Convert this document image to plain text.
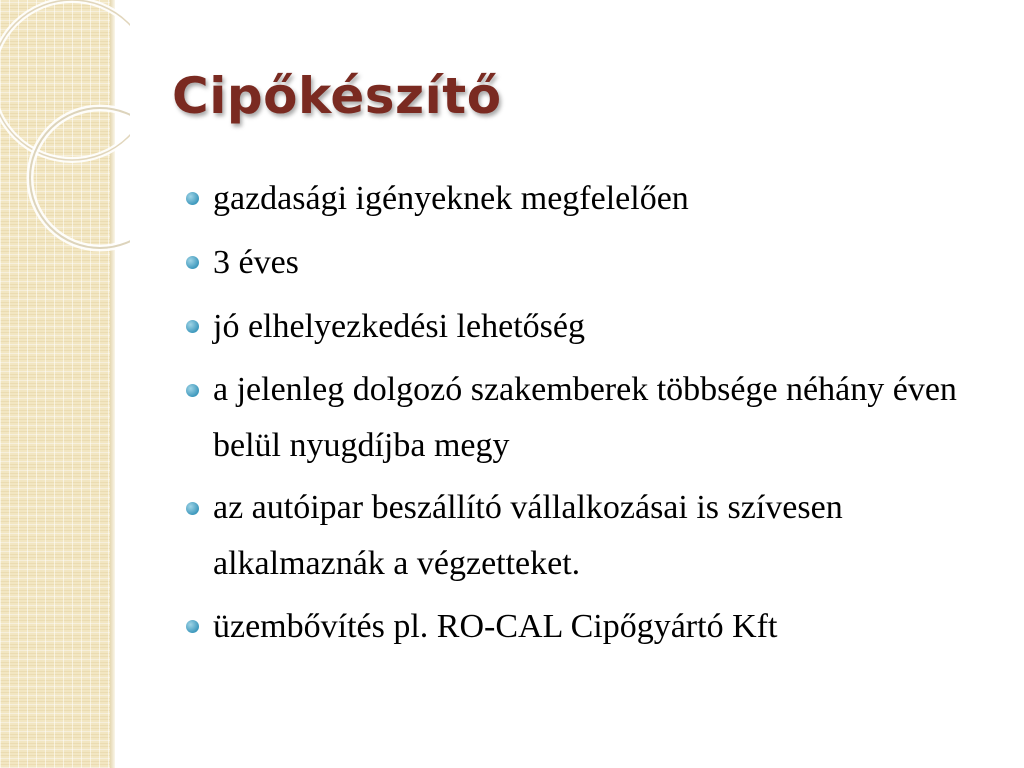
Cipőkészítő
gazdasági igényeknek megfelelően
3 éves
jó elhelyezkedési lehetőség
a jelenleg dolgozó szakemberek többsége néhány éven belül nyugdíjba megy
az autóipar beszállító vállalkozásai is szívesen alkalmaznák a végzetteket.
üzembővítés pl. RO-CAL Cipőgyártó Kft
